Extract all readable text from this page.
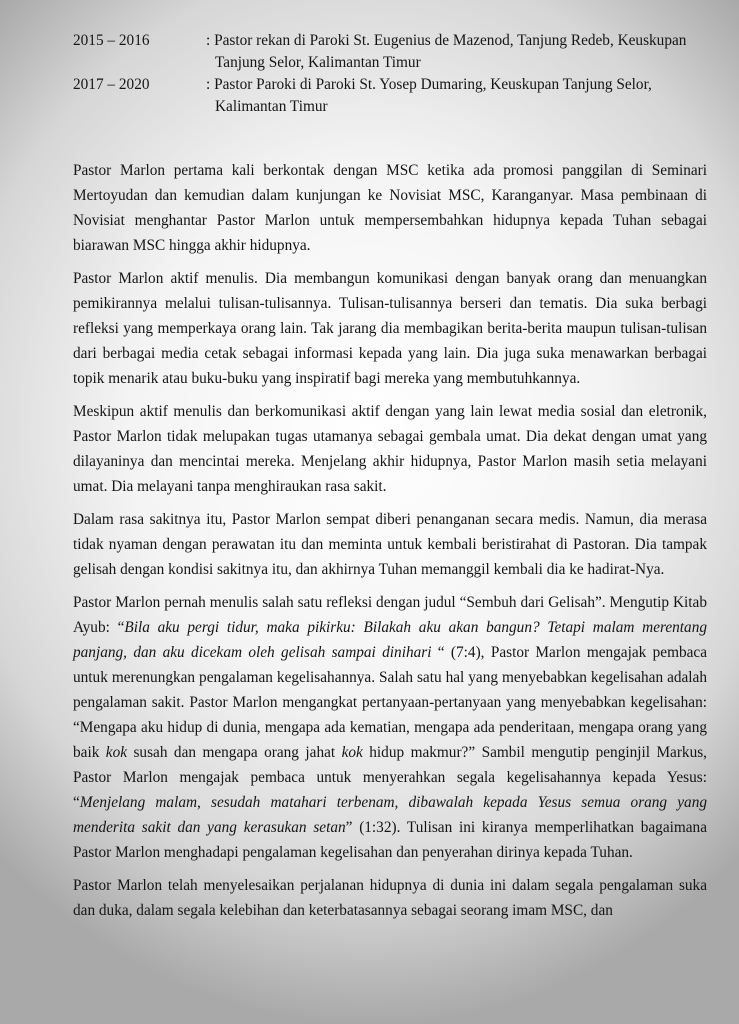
2015 – 2016	: Pastor rekan di Paroki St. Eugenius de Mazenod, Tanjung Redeb, Keuskupan Tanjung Selor, Kalimantan Timur
2017 – 2020	: Pastor Paroki di Paroki St. Yosep Dumaring, Keuskupan Tanjung Selor, Kalimantan Timur

Pastor Marlon pertama kali berkontak dengan MSC ketika ada promosi panggilan di Seminari Mertoyudan dan kemudian dalam kunjungan ke Novisiat MSC, Karanganyar. Masa pembinaan di Novisiat menghantar Pastor Marlon untuk mempersembahkan hidupnya kepada Tuhan sebagai biarawan MSC hingga akhir hidupnya.

Pastor Marlon aktif menulis. Dia membangun komunikasi dengan banyak orang dan menuangkan pemikirannya melalui tulisan-tulisannya. Tulisan-tulisannya berseri dan tematis. Dia suka berbagi refleksi yang memperkaya orang lain. Tak jarang dia membagikan berita-berita maupun tulisan-tulisan dari berbagai media cetak sebagai informasi kepada yang lain. Dia juga suka menawarkan berbagai topik menarik atau buku-buku yang inspiratif bagi mereka yang membutuhkannya.

Meskipun aktif menulis dan berkomunikasi aktif dengan yang lain lewat media sosial dan eletronik, Pastor Marlon tidak melupakan tugas utamanya sebagai gembala umat. Dia dekat dengan umat yang dilayaninya dan mencintai mereka. Menjelang akhir hidupnya, Pastor Marlon masih setia melayani umat. Dia melayani tanpa menghiraukan rasa sakit.

Dalam rasa sakitnya itu, Pastor Marlon sempat diberi penanganan secara medis. Namun, dia merasa tidak nyaman dengan perawatan itu dan meminta untuk kembali beristirahat di Pastoran. Dia tampak gelisah dengan kondisi sakitnya itu, dan akhirnya Tuhan memanggil kembali dia ke hadirat-Nya.

Pastor Marlon pernah menulis salah satu refleksi dengan judul “Sembuh dari Gelisah”. Mengutip Kitab Ayub: “Bila aku pergi tidur, maka pikirku: Bilakah aku akan bangun? Tetapi malam merentang panjang, dan aku dicekam oleh gelisah sampai dinihari “ (7:4), Pastor Marlon mengajak pembaca untuk merenungkan pengalaman kegelisahannya. Salah satu hal yang menyebabkan kegelisahan adalah pengalaman sakit. Pastor Marlon mengangkat pertanyaan-pertanyaan yang menyebabkan kegelisahan: “Mengapa aku hidup di dunia, mengapa ada kematian, mengapa ada penderitaan, mengapa orang yang baik kok susah dan mengapa orang jahat kok hidup makmur?” Sambil mengutip penginjil Markus, Pastor Marlon mengajak pembaca untuk menyerahkan segala kegelisahannya kepada Yesus: “Menjelang malam, sesudah matahari terbenam, dibawalah kepada Yesus semua orang yang menderita sakit dan yang kerasukan setan” (1:32). Tulisan ini kiranya memperlihatkan bagaimana Pastor Marlon menghadapi pengalaman kegelisahan dan penyerahan dirinya kepada Tuhan.

Pastor Marlon telah menyelesaikan perjalanan hidupnya di dunia ini dalam segala pengalaman suka dan duka, dalam segala kelebihan dan keterbatasannya sebagai seorang imam MSC, dan
